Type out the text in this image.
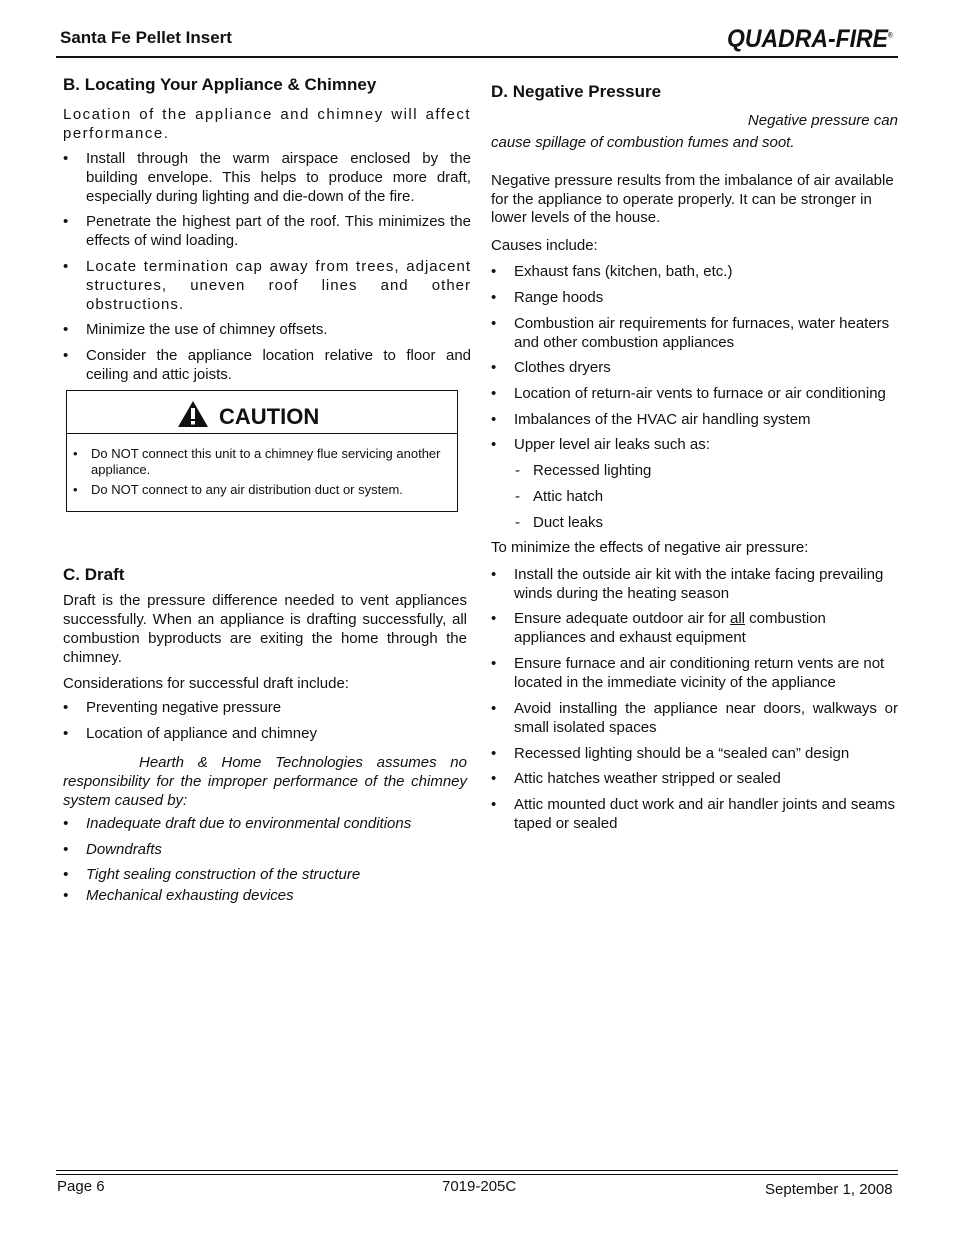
Santa Fe Pellet Insert	QUADRA-FIRE®

B. Locating Your Appliance & Chimney

Location of the appliance and chimney will affect performance.

• Install through the warm airspace enclosed by the building envelope. This helps to produce more draft, especially during lighting and die-down of the fire.

• Penetrate the highest part of the roof. This minimizes the effects of wind loading.

• Locate termination cap away from trees, adjacent structures, uneven roof lines and other obstructions.

• Minimize the use of chimney offsets.

• Consider the appliance location relative to floor and ceiling and attic joists.

CAUTION

• Do NOT connect this unit to a chimney flue servicing another appliance.

• Do NOT connect to any air distribution duct or system.

C. Draft

Draft is the pressure difference needed to vent appliances successfully. When an appliance is drafting successfully, all combustion byproducts are exiting the home through the chimney.

Considerations for successful draft include:

• Preventing negative pressure

• Location of appliance and chimney

Hearth & Home Technologies assumes no responsibility for the improper performance of the chimney system caused by:

• Inadequate draft due to environmental conditions

• Downdrafts

• Tight sealing construction of the structure

• Mechanical exhausting devices

D. Negative Pressure

Negative pressure can

cause spillage of combustion fumes and soot.

Negative pressure results from the imbalance of air available for the appliance to operate properly. It can be stronger in lower levels of the house.

Causes include:

• Exhaust fans (kitchen, bath, etc.)

• Range hoods

• Combustion air requirements for furnaces, water heaters and other combustion appliances

• Clothes dryers

• Location of return-air vents to furnace or air conditioning

• Imbalances of the HVAC air handling system

• Upper level air leaks such as:

- Recessed lighting

- Attic hatch

- Duct leaks

To minimize the effects of negative air pressure:

• Install the outside air kit with the intake facing prevailing winds during the heating season

• Ensure adequate outdoor air for all combustion appliances and exhaust equipment

• Ensure furnace and air conditioning return vents are not located in the immediate vicinity of the appliance

• Avoid installing the appliance near doors, walkways or small isolated spaces

• Recessed lighting should be a “sealed can” design

• Attic hatches weather stripped or sealed

• Attic mounted duct work and air handler joints and seams taped or sealed

Page 6	7019-205C	September 1, 2008
